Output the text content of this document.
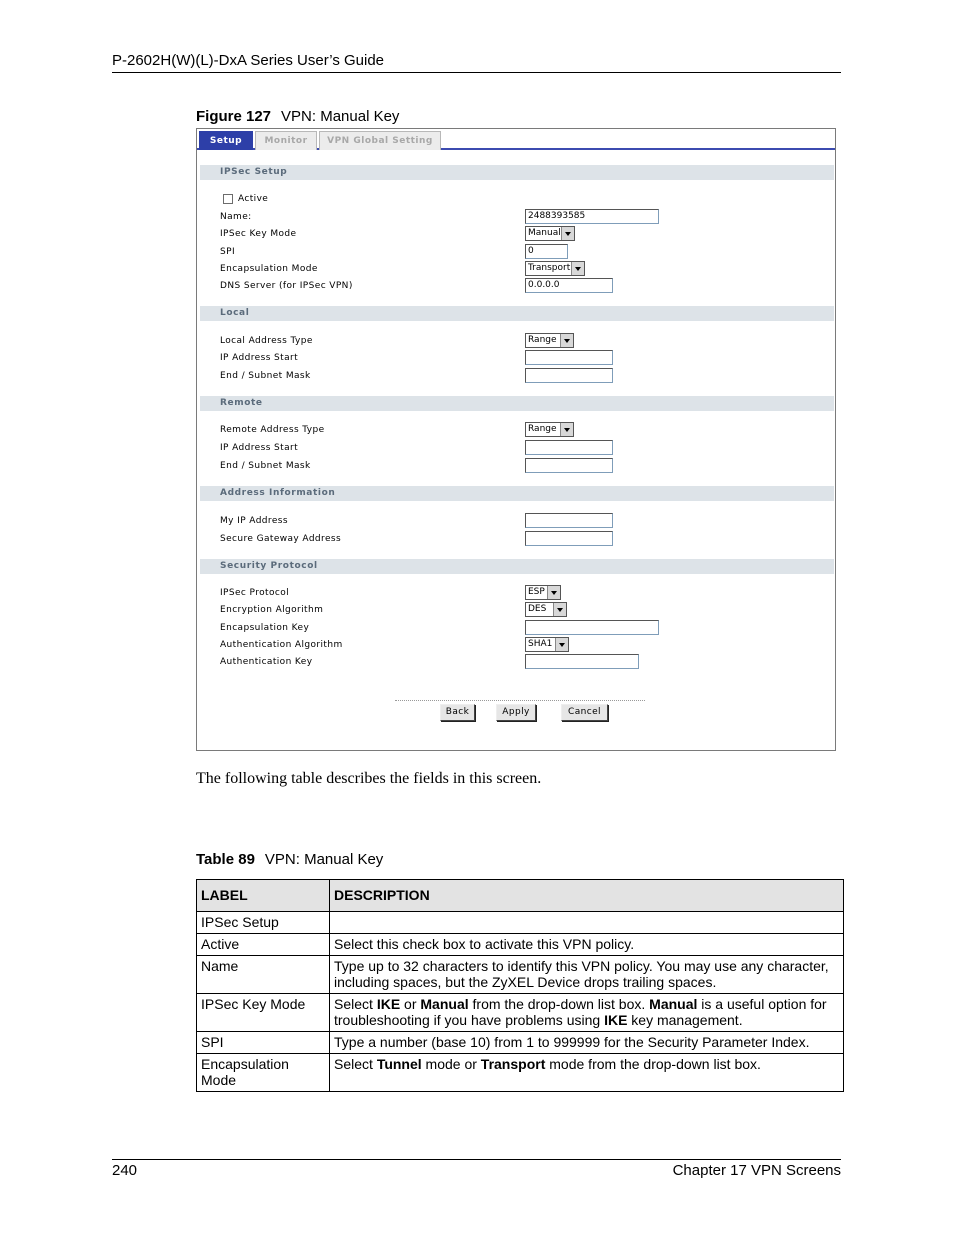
P-2602H(W)(L)-DxA Series User’s Guide
Figure 127 VPN: Manual Key
Setup	Monitor	VPN Global Setting
IPSec Setup
Active
Name:	2488393585
IPSec Key Mode	Manual
SPI	0
Encapsulation Mode	Transport
DNS Server (for IPSec VPN)	0.0.0.0
Local
Local Address Type	Range
IP Address Start
End / Subnet Mask
Remote
Remote Address Type	Range
IP Address Start
End / Subnet Mask
Address Information
My IP Address
Secure Gateway Address
Security Protocol
IPSec Protocol	ESP
Encryption Algorithm	DES
Encapsulation Key
Authentication Algorithm	SHA1
Authentication Key
Back	Apply	Cancel
The following table describes the fields in this screen.
Table 89 VPN: Manual Key
LABEL	DESCRIPTION
IPSec Setup	
Active	Select this check box to activate this VPN policy.
Name	Type up to 32 characters to identify this VPN policy. You may use any character, including spaces, but the ZyXEL Device drops trailing spaces.
IPSec Key Mode	Select IKE or Manual from the drop-down list box. Manual is a useful option for troubleshooting if you have problems using IKE key management.
SPI	Type a number (base 10) from 1 to 999999 for the Security Parameter Index.
Encapsulation Mode	Select Tunnel mode or Transport mode from the drop-down list box.
240	Chapter 17 VPN Screens
